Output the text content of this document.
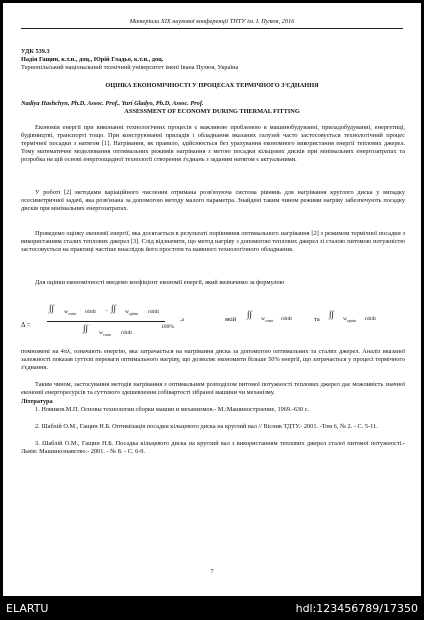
Матеріали XIX наукової конференції ТНТУ ім. І. Пулюя, 2016
УДК 539.3
Надія Гащин, к.т.н., доц., Юрій Гладьо, к.т.н., доц.
Тернопільський національний технічний університет імені Івана Пулюя, Україна
ОЦІНКА ЕКОНОМІЧНОСТІ У ПРОЦЕСАХ ТЕРМІЧНОГО З'ЄДНАННЯ
Nadiya Hashchyn, Ph.D, Assoc. Prof., Yuri Gladyo, Ph.D, Assoc. Prof.
ASSESSMENT OF ECONOMY DURING THERMAL FITTING
Економія енергії при виконанні технологічних процесів є важливою проблемою в машинобудуванні, приладобудуванні, енергетиці, будівництві, транспорті тощо. При конструюванні приладів і обладнання вказаних галузей часто застосовується технологічний процес термічної посадки з натягом [1]. Нагрівання, як правило, здійснюється без урахування економного використання енергії теплових джерел. Тому математичне моделювання оптимальних режимів нагрівання з метою посадки кільцевих дисків при мінімальних енергозатратах та розробка на цій основі енергоощадної технології створення з'єднань з заданим натягом є актуальними.
У роботі [2] методами варіаційного числення отримана розв'язуюча система рівнянь для нагрівання круглого диска у випадку осесиметричної задачі, яка розв'язана за допомогою методу малого параметра. Знайдені таким чином режими нагріву забезпечують посадку дисків при мінімальних енергозатратах.
Проведемо оцінку економії енергії, яка досягається в результаті порівняння оптимального нагрівання [2] з режимом термічної посадки з використанням сталих теплових джерел [3]. Слід відзначити, що метод нагріву з допомогою теплових джерел зі сталою питомою потужністю застосовується на практиці частіше внаслідок його простоти та наявного технологічного обладнання.
Для оцінки економічності введемо коефіцієнт економії енергії, який визначимо за формулою
Δ =
∫∫ $w_{const}$ rdrdt − ∫∫ $w_{optim}$ rdrdt
∫∫ $w_{const}$ rdrdt
100%
,a	якій
∫∫ $w_{const}$ rdrdt	та
∫∫ $w_{optim}$ rdrdt
помножені на 4πλ, означають енергію, яка затрачається на нагрівання диска за допомогою оптимальних та сталих джерел. Аналіз вказаної залежності показав суттєві переваги оптимального нагріву, що дозволяє економити більше 50% енергії, що затрачається у процесі термічного з'єднання.
Таким чином, застосування методів нагрівання з оптимальним розподілом питомої потужності теплових джерел дає можливість значної економії енергоресурсів та суттєвого здешевлення собівартості зібраної машини чи механізму.
Література
1. Новиков.М.П. Основы технологии сборки машин и механизмов.- М.:Машиностроение, 1969.-630 с.
2. Шаблій О.М., Гащин Н.Б. Оптимізація посадки кільцевого диска на круглий вал // Вісник ТДТУ.- 2001. -Том 6, № 2. - С. 5-11.
3. Шаблій О.М., Гащин Н.Б. Посадка кільцевого диска на круглий вал з використанням теплових джерел сталої питомої потужності.- Львів: Машинознавство.- 2001. - № 8. - С. 6-9.
7
ELARTU	hdl:123456789/17350
